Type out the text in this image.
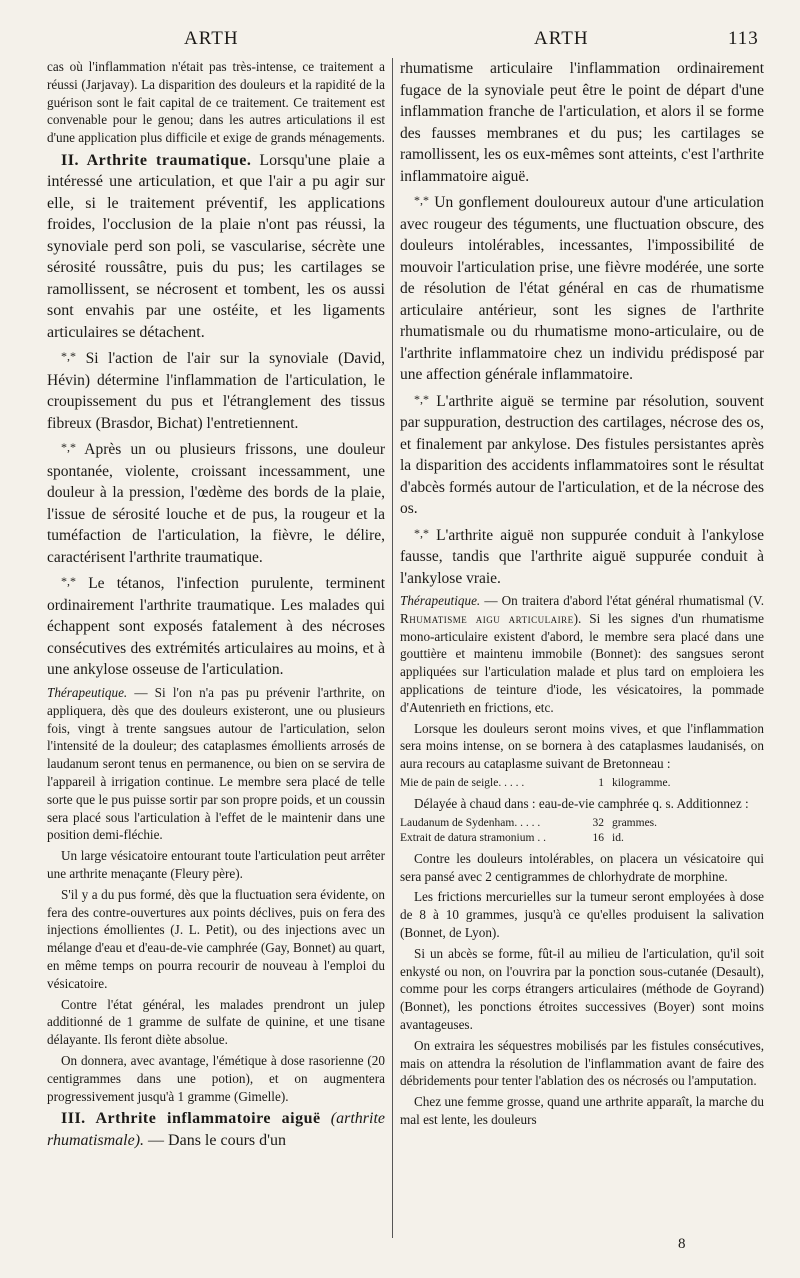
ARTH	ARTH	113

cas où l'inflammation n'était pas très-intense, ce traitement a réussi (Jarjavay). La disparition des douleurs et la rapidité de la guérison sont le fait capital de ce traitement. Ce traitement est convenable pour le genou; dans les autres articulations il est d'une application plus difficile et exige de grands ménagements.

II. Arthrite traumatique. Lorsqu'une plaie a intéressé une articulation, et que l'air a pu agir sur elle, si le traitement préventif, les applications froides, l'occlusion de la plaie n'ont pas réussi, la synoviale perd son poli, se vascularise, sécrète une sérosité roussâtre, puis du pus; les cartilages se ramollissent, se nécrosent et tombent, les os aussi sont envahis par une ostéite, et les ligaments articulaires se détachent.

*,* Si l'action de l'air sur la synoviale (David, Hévin) détermine l'inflammation de l'articulation, le croupissement du pus et l'étranglement des tissus fibreux (Brasdor, Bichat) l'entretiennent.

*,* Après un ou plusieurs frissons, une douleur spontanée, violente, croissant incessamment, une douleur à la pression, l'œdème des bords de la plaie, l'issue de sérosité louche et de pus, la rougeur et la tuméfaction de l'articulation, la fièvre, le délire, caractérisent l'arthrite traumatique.

*,* Le tétanos, l'infection purulente, terminent ordinairement l'arthrite traumatique. Les malades qui échappent sont exposés fatalement à des nécroses consécutives des extrémités articulaires au moins, et à une ankylose osseuse de l'articulation.

Thérapeutique. — Si l'on n'a pas pu prévenir l'arthrite, on appliquera, dès que des douleurs existeront, une ou plusieurs fois, vingt à trente sangsues autour de l'articulation, selon l'intensité de la douleur; des cataplasmes émollients arrosés de laudanum seront tenus en permanence, ou bien on se servira de l'appareil à irrigation continue. Le membre sera placé de telle sorte que le pus puisse sortir par son propre poids, et un coussin sera placé sous l'articulation à l'effet de le maintenir dans une position demi-fléchie.

Un large vésicatoire entourant toute l'articulation peut arrêter une arthrite menaçante (Fleury père).

S'il y a du pus formé, dès que la fluctuation sera évidente, on fera des contre-ouvertures aux points déclives, puis on fera des injections émollientes (J. L. Petit), ou des injections avec un mélange d'eau et d'eau-de-vie camphrée (Gay, Bonnet) au quart, en même temps on pourra recourir de nouveau à l'emploi du vésicatoire.

Contre l'état général, les malades prendront un julep additionné de 1 gramme de sulfate de quinine, et une tisane délayante. Ils feront diète absolue.

On donnera, avec avantage, l'émétique à dose rasorienne (20 centigrammes dans une potion), et on augmentera progressivement jusqu'à 1 gramme (Gimelle).

III. Arthrite inflammatoire aiguë (arthrite rhumatismale). — Dans le cours d'un

rhumatisme articulaire l'inflammation ordinairement fugace de la synoviale peut être le point de départ d'une inflammation franche de l'articulation, et alors il se forme des fausses membranes et du pus; les cartilages se ramollissent, les os eux-mêmes sont atteints, c'est l'arthrite inflammatoire aiguë.

*,* Un gonflement douloureux autour d'une articulation avec rougeur des téguments, une fluctuation obscure, des douleurs intolérables, incessantes, l'impossibilité de mouvoir l'articulation prise, une fièvre modérée, une sorte de résolution de l'état général en cas de rhumatisme articulaire antérieur, sont les signes de l'arthrite rhumatismale ou du rhumatisme mono-articulaire, ou de l'arthrite inflammatoire chez un individu prédisposé par une affection générale inflammatoire.

*,* L'arthrite aiguë se termine par résolution, souvent par suppuration, destruction des cartilages, nécrose des os, et finalement par ankylose. Des fistules persistantes après la disparition des accidents inflammatoires sont le résultat d'abcès formés autour de l'articulation, et de la nécrose des os.

*,* L'arthrite aiguë non suppurée conduit à l'ankylose fausse, tandis que l'arthrite aiguë suppurée conduit à l'ankylose vraie.

Thérapeutique. — On traitera d'abord l'état général rhumatismal (V. Rhumatisme aigu articulaire). Si les signes d'un rhumatisme mono-articulaire existent d'abord, le membre sera placé dans une gouttière et maintenu immobile (Bonnet): des sangsues seront appliquées sur l'articulation malade et plus tard on emploiera les applications de teinture d'iode, les vésicatoires, la pommade d'Autenrieth en frictions, etc.

Lorsque les douleurs seront moins vives, et que l'inflammation sera moins intense, on se bornera à des cataplasmes laudanisés, on aura recours au cataplasme suivant de Bretonneau :

Mie de pain de seigle. . . . .	1 kilogramme.

Délayée à chaud dans : eau-de-vie camphrée q. s. Additionnez :

Laudanum de Sydenham. . . . .	32 grammes.
Extrait de datura stramonium . .	16 id.

Contre les douleurs intolérables, on placera un vésicatoire qui sera pansé avec 2 centigrammes de chlorhydrate de morphine.

Les frictions mercurielles sur la tumeur seront employées à dose de 8 à 10 grammes, jusqu'à ce qu'elles produisent la salivation (Bonnet, de Lyon).

Si un abcès se forme, fût-il au milieu de l'articulation, qu'il soit enkysté ou non, on l'ouvrira par la ponction sous-cutanée (Desault), comme pour les corps étrangers articulaires (méthode de Goyrand) (Bonnet), les ponctions étroites successives (Boyer) sont moins avantageuses.

On extraira les séquestres mobilisés par les fistules consécutives, mais on attendra la résolution de l'inflammation avant de faire des débridements pour tenter l'ablation des os nécrosés ou l'amputation.

Chez une femme grosse, quand une arthrite apparaît, la marche du mal est lente, les douleurs

8
